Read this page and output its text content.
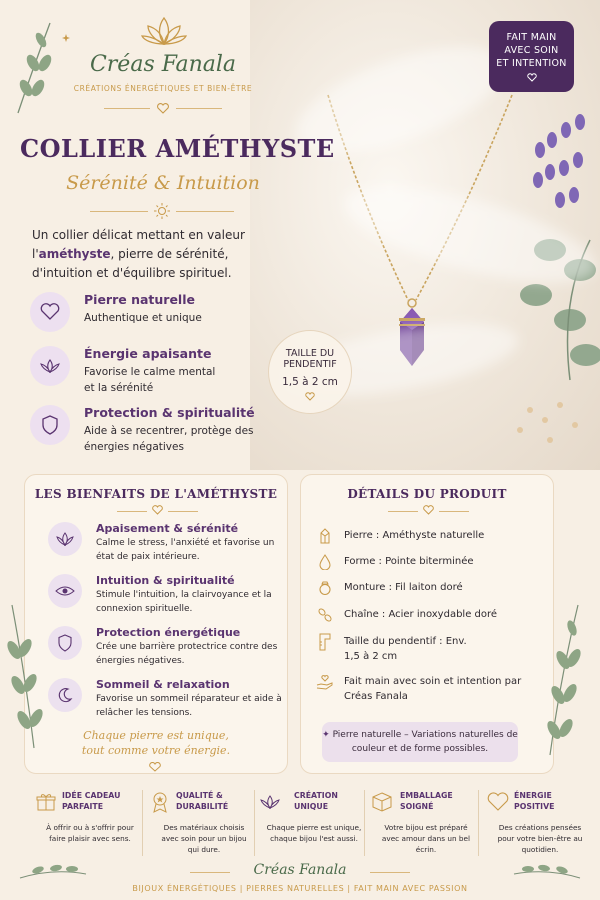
FAIT MAIN
AVEC SOIN
ET INTENTION
Créas Fanala
CRÉATIONS ÉNERGÉTIQUES ET BIEN-ÊTRE
COLLIER AMÉTHYSTE
Sérénité & Intuition
Un collier délicat mettant en valeur l'améthyste, pierre de sérénité, d'intuition et d'équilibre spirituel.
Pierre naturelle
Authentique et unique
Énergie apaisante
Favorise le calme mental et la sérénité
Protection & spiritualité
Aide à se recentrer, protège des énergies négatives
TAILLE DU
PENDENTIF
1,5 à 2 cm
LES BIENFAITS DE L'AMÉTHYSTE
Apaisement & sérénité
Calme le stress, l'anxiété et favorise un état de paix intérieure.
Intuition & spiritualité
Stimule l'intuition, la clairvoyance et la connexion spirituelle.
Protection énergétique
Crée une barrière protectrice contre des énergies négatives.
Sommeil & relaxation
Favorise un sommeil réparateur et aide à relâcher les tensions.
Chaque pierre est unique,
tout comme votre énergie.
DÉTAILS DU PRODUIT
Pierre : Améthyste naturelle
Forme : Pointe biterminée
Monture : Fil laiton doré
Chaîne : Acier inoxydable doré
Taille du pendentif : Env. 1,5 à 2 cm
Fait main avec soin et intention par Créas Fanala
✦ Pierre naturelle – Variations naturelles de couleur et de forme possibles.
IDÉE CADEAU
PARFAITE
À offrir ou à s'offrir pour faire plaisir avec sens.
QUALITÉ &
DURABILITÉ
Des matériaux choisis avec soin pour un bijou qui dure.
CRÉATION
UNIQUE
Chaque pierre est unique, chaque bijou l'est aussi.
EMBALLAGE
SOIGNÉ
Votre bijou est préparé avec amour dans un bel écrin.
ÉNERGIE
POSITIVE
Des créations pensées pour votre bien-être au quotidien.
Créas Fanala
BIJOUX ÉNERGÉTIQUES | PIERRES NATURELLES | FAIT MAIN AVEC PASSION
